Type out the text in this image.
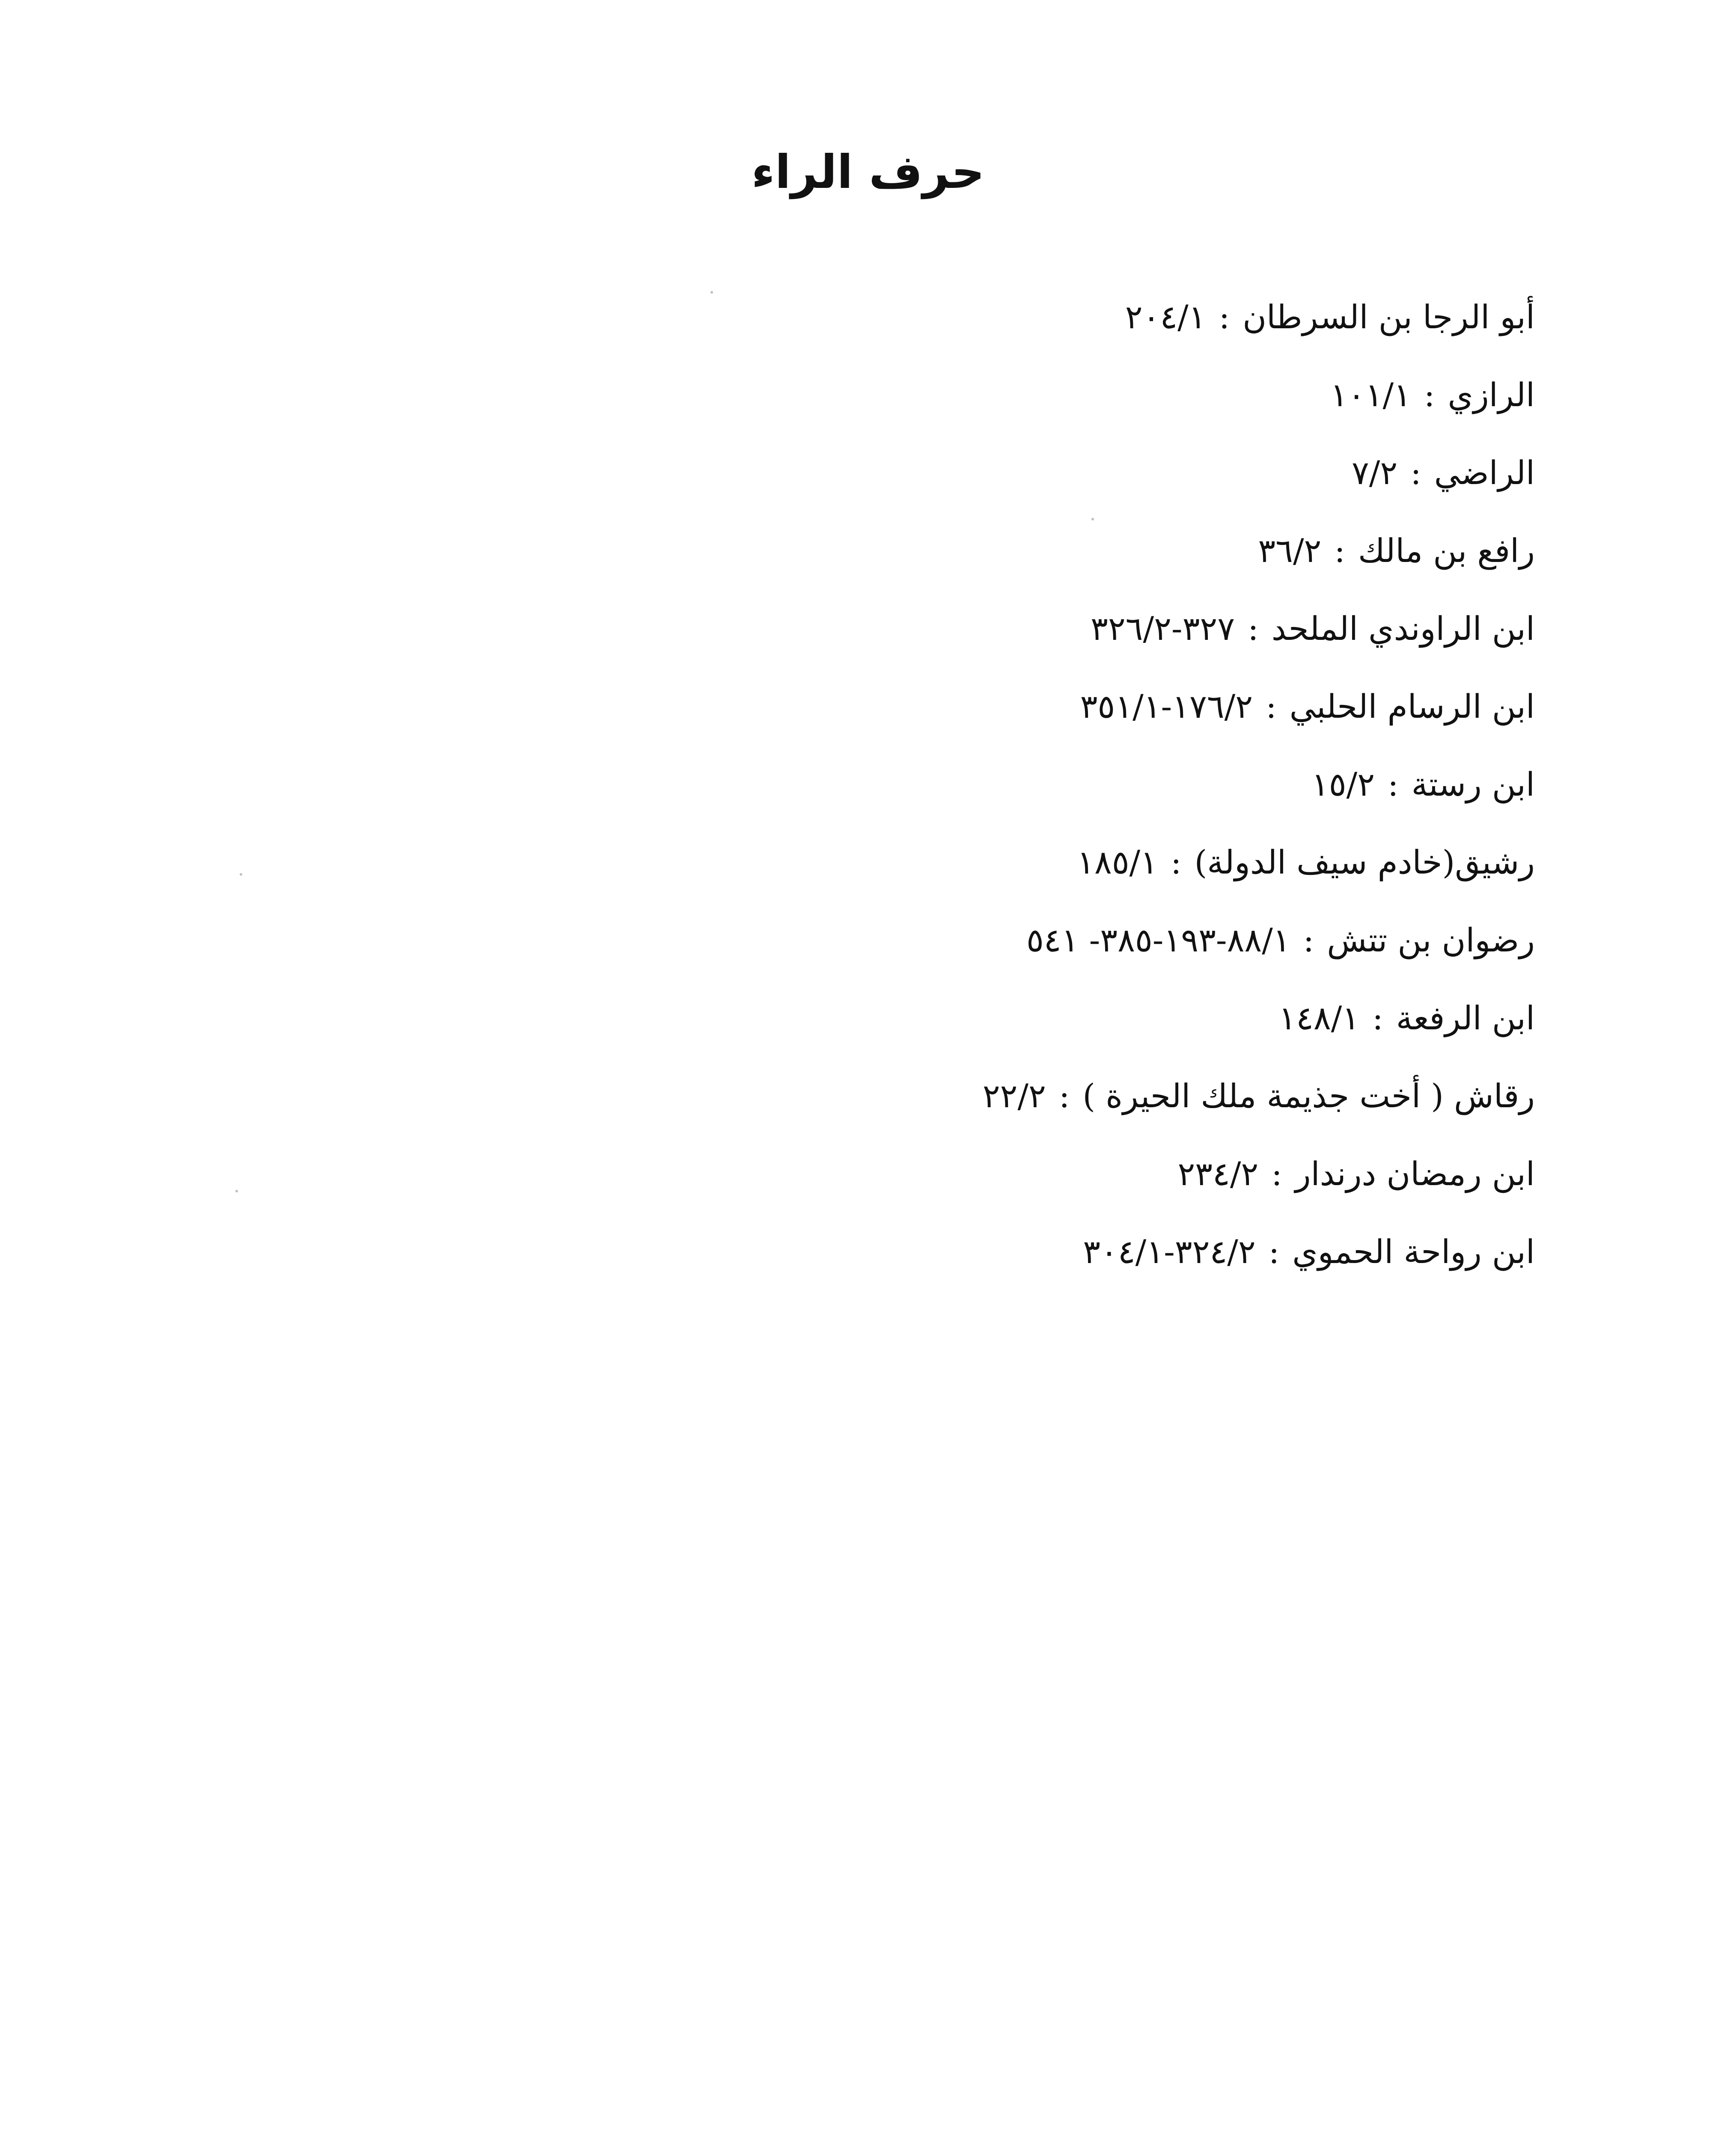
حرف الراء
أبو الرجا بن السرطان:٢٠٤/١
الرازي:١٠١/١
الراضي:٧/٢
رافع بن مالك:٣٦/٢
ابن الراوندي الملحد:٣٢٧-٣٢٦/٢
ابن الرسام الحلبي:١٧٦/٢-٣٥١/١
ابن رستة:١٥/٢
رشيق(خادم سيف الدولة):١٨٥/١
رضوان بن تتش:٨٨/١-١٩٣-٣٨٥- ٥٤١
ابن الرفعة:١٤٨/١
رقاش ( أخت جذيمة ملك الحيرة ):٢٢/٢
ابن رمضان درندار:٢٣٤/٢
ابن رواحة الحموي:٣٢٤/٢-٣٠٤/١
